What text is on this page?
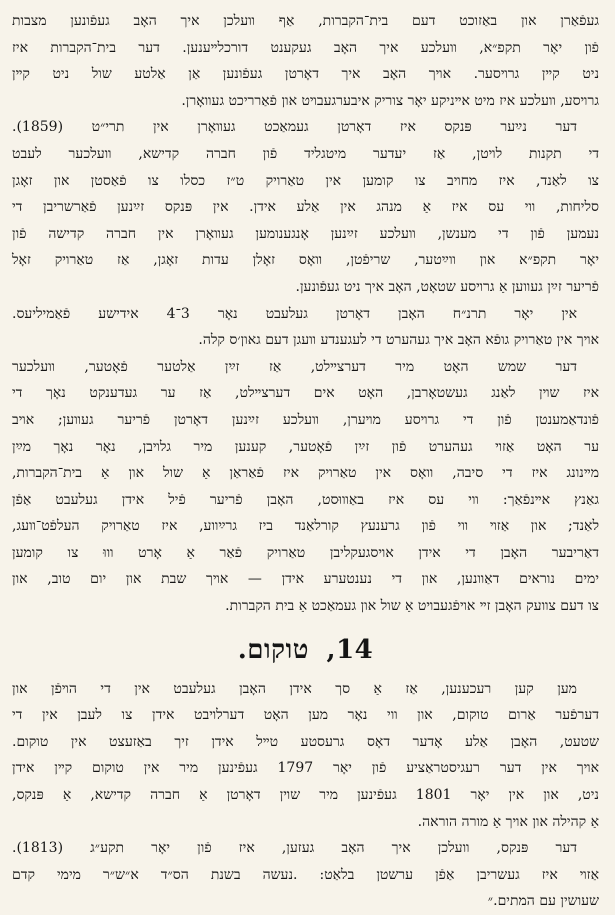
געפֿאַרן און באַזוכט דעם בית־הקברות, אַף װעלכן איך האָב געפֿונען מצבות
פֿון יאָר תקפ״א, װעלכע איך האָב געקענט דורכלײענען. דער בית־הקברות איז
ניט קײן גרױסער. אױך האָב איך דאָרטן געפֿונען אַן אַלטע שול ניט קײן
גרױסע, װעלכע איז מיט אײניקע יאָר צוריק איבערגעבױט און פֿאַרריכט געװאָרן.

דער נײַער פּנקס איז דאָרטן געמאַכט געװאָרן אין תרי״ט (1859).
די תקנות לױטן, אַז יעדער מיטגליד פֿון חברה קדישא, װעלכער לעבט
צו לאַנד, איז מחױב צו קומען אין טאַרויק ט״ז כסלו צו פֿאַסטן און זאָגן
סליחות, װי עס איז אַ מנהג אין אַלע אידן. אין פּנקס זײַנען פֿאַרשריבן די
נעמען פֿון די מענשן, װעלכע זײַנען אָנגענומען געװאָרן אין חברה קדישה פֿון
יאָר תקפ״א און װײַטער, שריפֿטן, װאָס זאָלן עדות זאָגן, אַז טאַרויק זאָל
פֿריער זײַן געװען אַ גרױסע שטאָט, האָב איך ניט געפֿונען.

אין יאָר תרנ״ח האָבן דאָרטן געלעבט נאָר 3־4 אידישע פֿאַמיליעס.
אױך אין טאַרויק גופֿא האָב איך געהערט די לעגענדע װעגן דעם גאון׳ס קלה.

דער שמש האָט מיר דערצײלט, אַז זײַן אַלטער פֿאָטער, װעלכער
איז שױן לאַנג געשטאָרבן, האָט אים דערצײלט, אַז ער געדענקט נאָך די
פֿונדאַמענטן פֿון די גרױסע מױערן, װעלכע זײַנען דאָרטן פֿריער געװען; אױב
ער האָט אַזױ געהערט פֿון זײַן פֿאָטער, קענען מיר גלױבן, נאָר נאָך מײַן
מײנונג איז די סיבה, װאָס אין טאַרויק איז פֿאַראַן אַ שול און אַ בית־הקברות,
גאַנץ אײנפֿאַך: װי עס איז באַװוּסט, האָבן פֿריער פֿיל אידן געלעבט אַפֿן
לאַנד; און אַזױ װי פֿון גרענעץ קורלאַנד ביז גרײַװע, איז טאַרויק העלפֿט־װעג,
דאַריבער האָבן די אידן אױסגעקליבן טאַרויק פֿאַר אַ אָרט װוּ צו קומען
ימים נוראים דאַװנען, און די נענטערע אידן — אױך שבת און יום טוב, און
צו דעם צװעק האָבן זײ אױפֿגעבױט אַ שול און געמאַכט אַ בית הקברות.

14, טוקום.

מען קען רעכענען, אַז אַ סך אידן האָבן געלעבט אין די הױפֿן און
דערפֿער אַרום טוקום, און װי נאָר מען האָט דערלױבט אידן צו לעבן אין די
שטעט, האָבן אַלע אָדער דאָס גרעסטע טײל אידן זיך באַזעצט אין טוקום.
אױך אין דער רעגיסטראַציע פֿון יאָר 1797 געפֿינען מיר אין טוקום קײן אידן
ניט, און אין יאָר 1801 געפֿינען מיר שױן דאָרטן אַ חברה קדישא, אַ פּנקס,
אַ קהילה און אױך אַ מורה הוראה.

דער פּנקס, װעלכן איך האָב געזען, איז פֿון יאָר תקע״ג (1813).
אַזױ איז געשריבן אַפֿן ערשטן בלאַט: .נעשה בשנת הס״ד א״ש״ר מימי קדם
שעושין עם המתים.״
